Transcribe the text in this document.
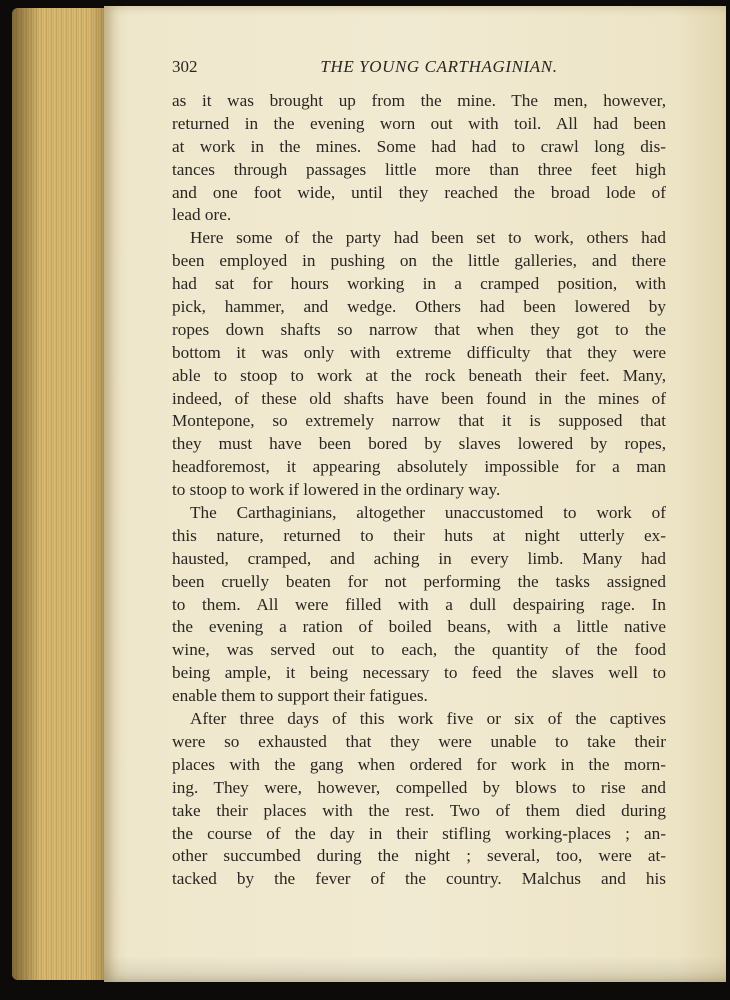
302	THE YOUNG CARTHAGINIAN.
as it was brought up from the mine. The men, however,
returned in the evening worn out with toil. All had been
at work in the mines. Some had had to crawl long dis-
tances through passages little more than three feet high
and one foot wide, until they reached the broad lode of
lead ore.
Here some of the party had been set to work, others had
been employed in pushing on the little galleries, and there
had sat for hours working in a cramped position, with
pick, hammer, and wedge. Others had been lowered by
ropes down shafts so narrow that when they got to the
bottom it was only with extreme difficulty that they were
able to stoop to work at the rock beneath their feet. Many,
indeed, of these old shafts have been found in the mines of
Montepone, so extremely narrow that it is supposed that
they must have been bored by slaves lowered by ropes,
headforemost, it appearing absolutely impossible for a man
to stoop to work if lowered in the ordinary way.
The Carthaginians, altogether unaccustomed to work of
this nature, returned to their huts at night utterly ex-
hausted, cramped, and aching in every limb. Many had
been cruelly beaten for not performing the tasks assigned
to them. All were filled with a dull despairing rage. In
the evening a ration of boiled beans, with a little native
wine, was served out to each, the quantity of the food
being ample, it being necessary to feed the slaves well to
enable them to support their fatigues.
After three days of this work five or six of the captives
were so exhausted that they were unable to take their
places with the gang when ordered for work in the morn-
ing. They were, however, compelled by blows to rise and
take their places with the rest. Two of them died during
the course of the day in their stifling working-places ; an-
other succumbed during the night ; several, too, were at-
tacked by the fever of the country. Malchus and his
